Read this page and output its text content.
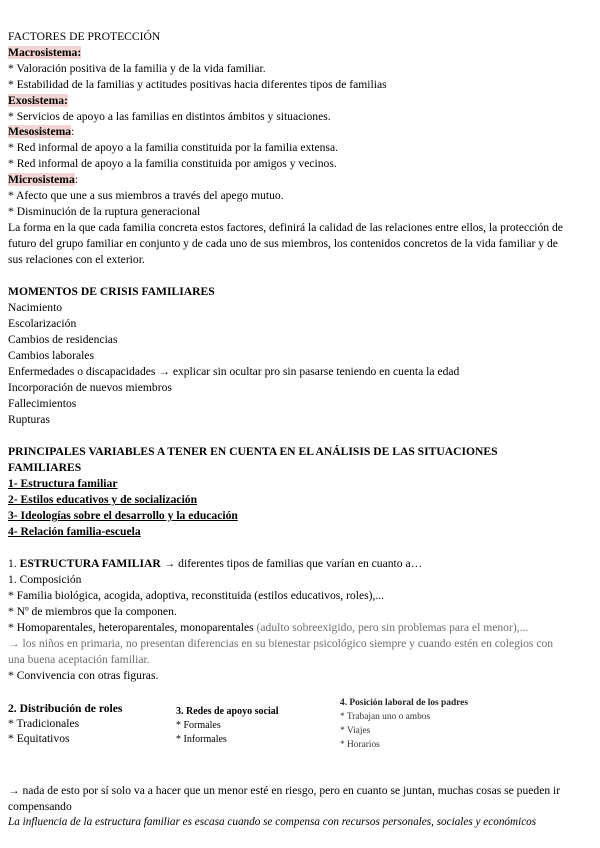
FACTORES DE PROTECCIÓN
Macrosistema:
* Valoración positiva de la familia y de la vida familiar.
* Estabilidad de la familias y actitudes positivas hacia diferentes tipos de familias
Exosistema:
* Servicios de apoyo a las familias en distintos ámbitos y situaciones.
Mesosistema:
* Red informal de apoyo a la familia constituida por la familia extensa.
* Red informal de apoyo a la familia constituida por amigos y vecinos.
Microsistema:
* Afecto que une a sus miembros a través del apego mutuo.
* Disminución de la ruptura generacional
La forma en la que cada familia concreta estos factores, definirá la calidad de las relaciones entre ellos, la protección de
futuro del grupo familiar en conjunto y de cada uno de sus miembros, los contenidos concretos de la vida familiar y de
sus relaciones con el exterior.
MOMENTOS DE CRISIS FAMILIARES
Nacimiento
Escolarización
Cambios de residencias
Cambios laborales
Enfermedades o discapacidades → explicar sin ocultar pro sin pasarse teniendo en cuenta la edad
Incorporación de nuevos miembros
Fallecimientos
Rupturas
PRINCIPALES VARIABLES A TENER EN CUENTA EN EL ANÁLISIS DE LAS SITUACIONES
FAMILIARES
1- Estructura familiar
2- Estilos educativos y de socialización
3- Ideologías sobre el desarrollo y la educación
4- Relación familia-escuela
1. ESTRUCTURA FAMILIAR → diferentes tipos de familias que varían en cuanto a…
1. Composición
* Familia biológica, acogida, adoptiva, reconstituida (estilos educativos, roles),...
* Nº de miembros que la componen.
* Homoparentales, heteroparentales, monoparentales (adulto sobreexigido, pero sin problemas para el menor),...
→ los niños en primaria, no presentan diferencias en su bienestar psicológico siempre y cuando estén en colegios con
una buena aceptación familiar.
* Convivencia con otras figuras.
2. Distribución de roles
* Tradicionales
* Equitativos
3. Redes de apoyo social
* Formales
* Informales
4. Posición laboral de los padres
* Trabajan uno o ambos
* Viajes
* Horarios
→ nada de esto por sí solo va a hacer que un menor esté en riesgo, pero en cuanto se juntan, muchas cosas se pueden ir
compensando
La influencia de la estructura familiar es escasa cuando se compensa con recursos personales, sociales y económicos
